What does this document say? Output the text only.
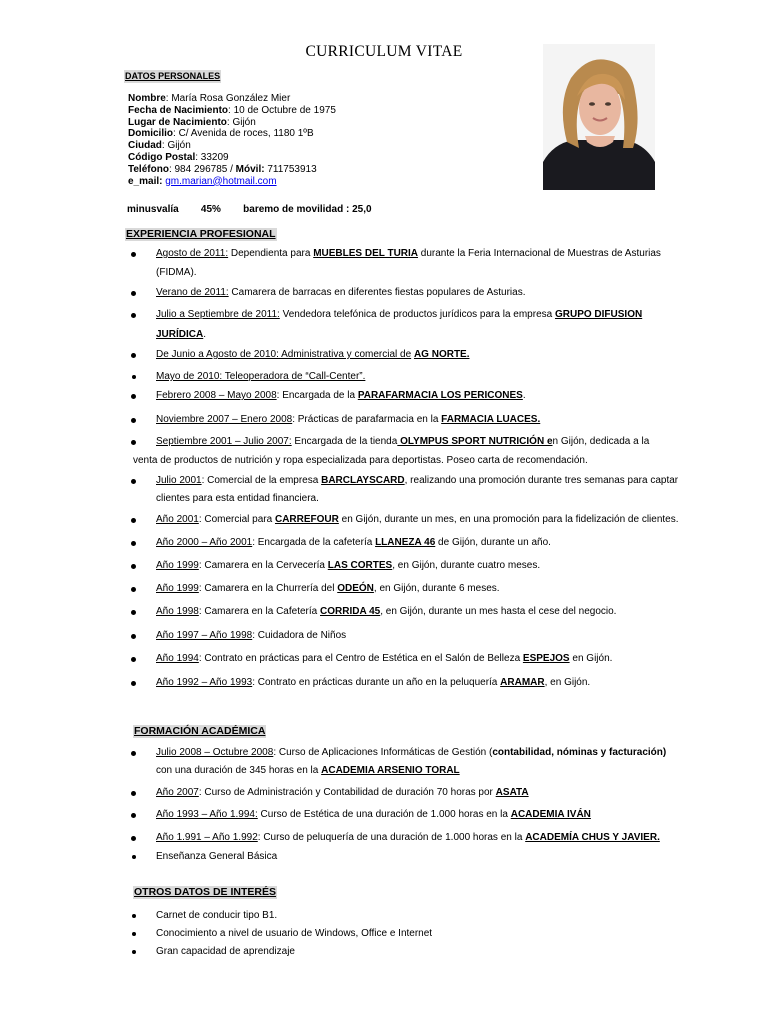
CURRICULUM VITAE
DATOS PERSONALES
Nombre: María Rosa González Mier
Fecha de Nacimiento: 10 de Octubre de 1975
Lugar de Nacimiento: Gijón
Domicilio: C/ Avenida de roces, 1180 1ºB
Ciudad: Gijón
Código Postal: 33209
Teléfono: 984 296785 / Móvil: 711753913
e_mail: gm.marian@hotmail.com
minusvalía        45%        baremo de movilidad : 25,0
EXPERIENCIA PROFESIONAL
Agosto de 2011: Dependienta para MUEBLES DEL TURIA durante la Feria Internacional de Muestras de Asturias
(FIDMA).
Verano de 2011: Camarera de barracas en diferentes fiestas populares de Asturias.
Julio a Septiembre de 2011: Vendedora telefónica de productos jurídicos para la empresa GRUPO DIFUSION
JURÍDICA.
De Junio a Agosto de 2010: Administrativa y comercial de AG NORTE.
Mayo de 2010: Teleoperadora de “Call-Center”.
Febrero 2008 – Mayo 2008: Encargada de la PARAFARMACIA LOS PERICONES.
Noviembre 2007 – Enero 2008: Prácticas de parafarmacia en la FARMACIA LUACES.
Septiembre 2001 – Julio 2007: Encargada de la tienda OLYMPUS SPORT NUTRICIÓN en Gijón, dedicada a la
venta de productos de nutrición y ropa especializada para deportistas. Poseo carta de recomendación.
Julio 2001: Comercial de la empresa BARCLAYSCARD, realizando una promoción durante tres semanas para captar
clientes para esta entidad financiera.
Año 2001: Comercial para CARREFOUR en Gijón, durante un mes, en una promoción para la fidelización de clientes.
Año 2000 – Año 2001: Encargada de la cafetería LLANEZA 46 de Gijón, durante un año.
Año 1999: Camarera en la Cervecería LAS CORTES, en Gijón, durante cuatro meses.
Año 1999: Camarera en la Churrería del ODEÓN, en Gijón, durante 6 meses.
Año 1998: Camarera en la Cafetería CORRIDA 45, en Gijón, durante un mes hasta el cese del negocio.
Año 1997 – Año 1998: Cuidadora de Niños
Año 1994: Contrato en prácticas para el Centro de Estética en el Salón de Belleza ESPEJOS en Gijón.
Año 1992 – Año 1993: Contrato en prácticas durante un año en la peluquería ARAMAR, en Gijón.
FORMACIÓN ACADÉMICA
Julio 2008 – Octubre 2008: Curso de Aplicaciones Informáticas de Gestión (contabilidad, nóminas y facturación)
con una duración de 345 horas en la ACADEMIA ARSENIO TORAL
Año 2007: Curso de Administración y Contabilidad de duración 70 horas por ASATA
Año 1993 – Año 1.994: Curso de Estética de una duración de 1.000 horas en la ACADEMIA IVÁN
Año 1.991 – Año 1.992: Curso de peluquería de una duración de 1.000 horas en la ACADEMÍA CHUS Y JAVIER.
Enseñanza General Básica
OTROS DATOS DE INTERÉS
Carnet de conducir tipo B1.
Conocimiento a nivel de usuario de Windows, Office e Internet
Gran capacidad de aprendizaje
